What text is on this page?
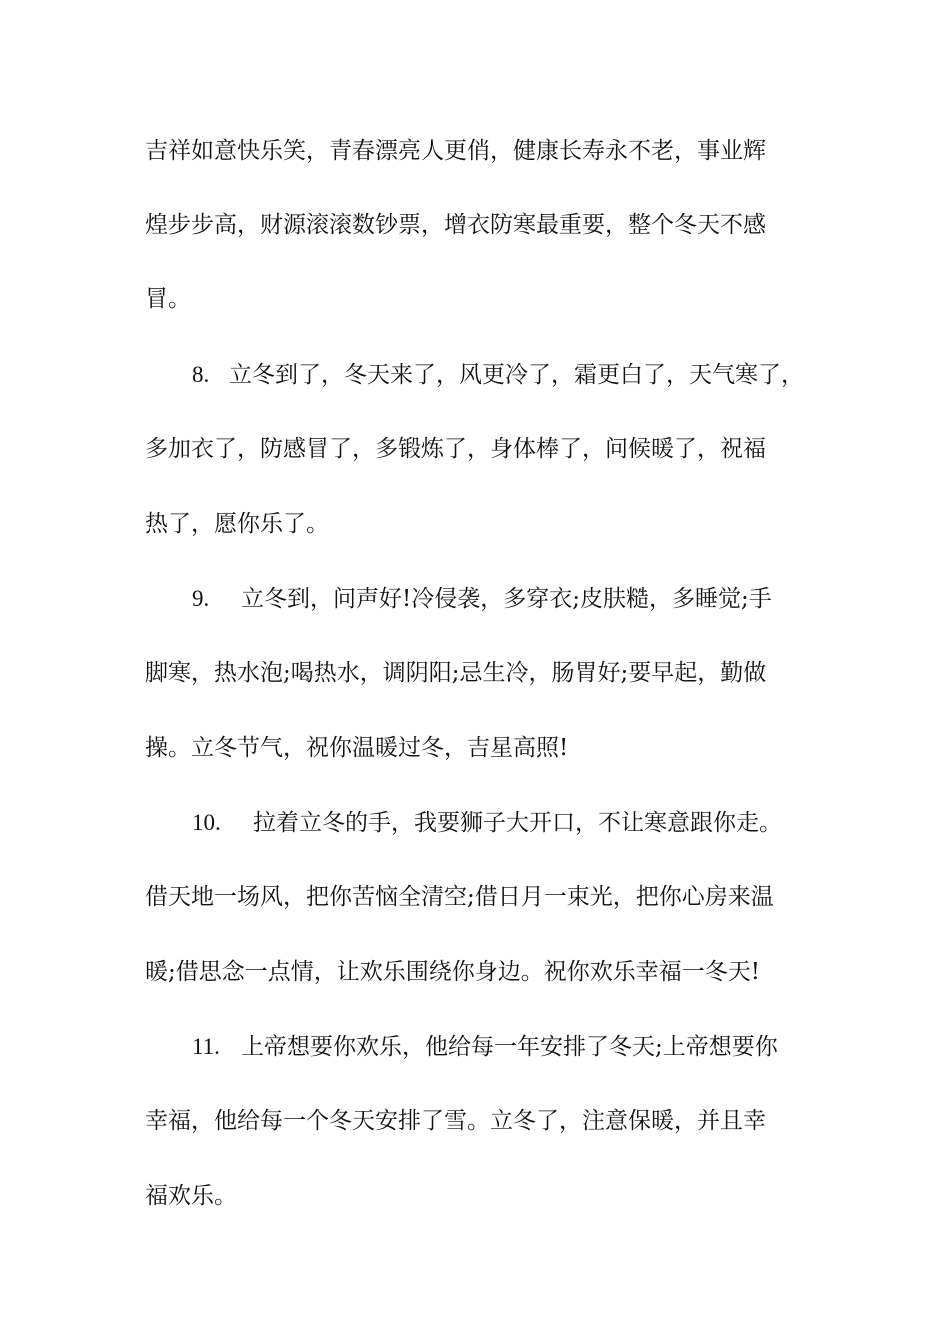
吉祥如意快乐笑，青春漂亮人更俏，健康长寿永不老，事业辉
煌步步高，财源滚滚数钞票，增衣防寒最重要，整个冬天不感
冒。
8. 立冬到了，冬天来了，风更冷了，霜更白了，天气寒了，
多加衣了，防感冒了，多锻炼了，身体棒了，问候暖了，祝福
热了，愿你乐了。
9. 立冬到，问声好!冷侵袭，多穿衣;皮肤糙，多睡觉;手
脚寒，热水泡;喝热水，调阴阳;忌生冷，肠胃好;要早起，勤做
操。立冬节气，祝你温暖过冬，吉星高照!
10. 拉着立冬的手，我要狮子大开口，不让寒意跟你走。
借天地一场风，把你苦恼全清空;借日月一束光，把你心房来温
暖;借思念一点情，让欢乐围绕你身边。祝你欢乐幸福一冬天!
11. 上帝想要你欢乐，他给每一年安排了冬天;上帝想要你
幸福，他给每一个冬天安排了雪。立冬了，注意保暖，并且幸
福欢乐。
